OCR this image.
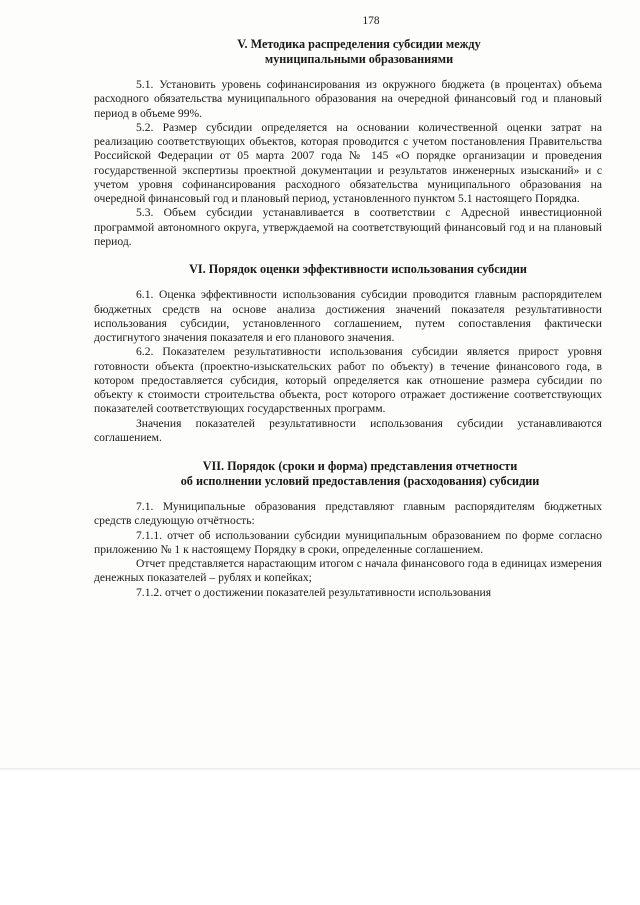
178
V. Методика распределения субсидии между
муниципальными образованиями

5.1. Установить уровень софинансирования из окружного бюджета (в процентах) объема расходного обязательства муниципального образования на очередной финансовый год и плановый период в объеме 99%.

5.2. Размер субсидии определяется на основании количественной оценки затрат на реализацию соответствующих объектов, которая проводится с учетом постановления Правительства Российской Федерации от 05 марта 2007 года № 145 «О порядке организации и проведения государственной экспертизы проектной документации и результатов инженерных изысканий» и с учетом уровня софинансирования расходного обязательства муниципального образования на очередной финансовый год и плановый период, установленного пунктом 5.1 настоящего Порядка.

5.3. Объем субсидии устанавливается в соответствии с Адресной инвестиционной программой автономного округа, утверждаемой на соответствующий финансовый год и на плановый период.

VI. Порядок оценки эффективности использования субсидии

6.1. Оценка эффективности использования субсидии проводится главным распорядителем бюджетных средств на основе анализа достижения значений показателя результативности использования субсидии, установленного соглашением, путем сопоставления фактически достигнутого значения показателя и его планового значения.

6.2. Показателем результативности использования субсидии является прирост уровня готовности объекта (проектно-изыскательских работ по объекту) в течение финансового года, в котором предоставляется субсидия, который определяется как отношение размера субсидии по объекту к стоимости строительства объекта, рост которого отражает достижение соответствующих показателей соответствующих государственных программ.

Значения показателей результативности использования субсидии устанавливаются соглашением.

VII. Порядок (сроки и форма) представления отчетности
об исполнении условий предоставления (расходования) субсидии

7.1. Муниципальные образования представляют главным распорядителям бюджетных средств следующую отчётность:

7.1.1. отчет об использовании субсидии муниципальным образованием по форме согласно приложению № 1 к настоящему Порядку в сроки, определенные соглашением.

Отчет представляется нарастающим итогом с начала финансового года в единицах измерения денежных показателей – рублях и копейках;

7.1.2. отчет о достижении показателей результативности использования
